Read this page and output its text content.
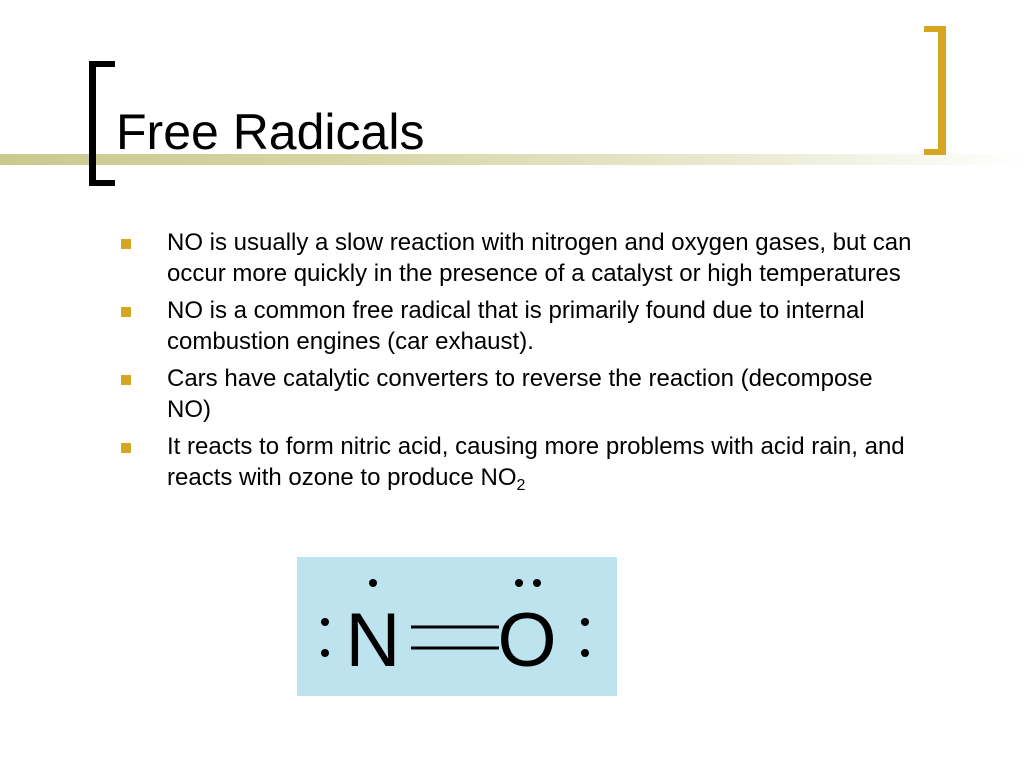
Free Radicals
NO is usually a slow reaction with nitrogen and oxygen gases, but can occur more quickly in the presence of a catalyst or high temperatures
NO is a common free radical that is primarily found due to internal combustion engines (car exhaust).
Cars have catalytic converters to reverse the reaction (decompose NO)
It reacts to form nitric acid, causing more problems with acid rain, and reacts with ozone to produce $NO_2$
N O
